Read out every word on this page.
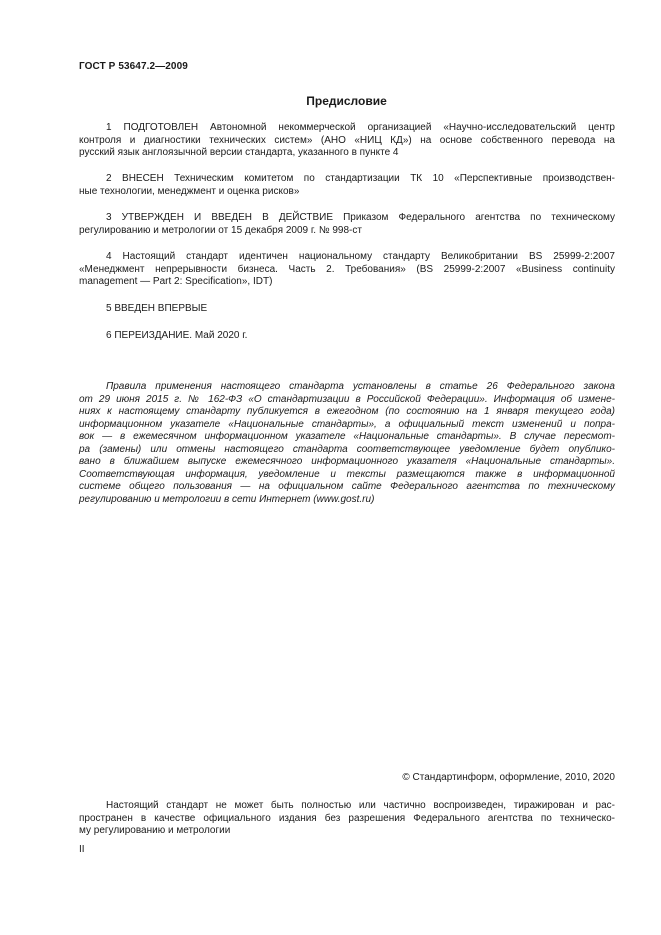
ГОСТ Р 53647.2—2009
Предисловие
1 ПОДГОТОВЛЕН Автономной некоммерческой организацией «Научно-исследовательский центр
контроля и диагностики технических систем» (АНО «НИЦ КД») на основе собственного перевода на
русский язык англоязычной версии стандарта, указанного в пункте 4
2 ВНЕСЕН Техническим комитетом по стандартизации ТК 10 «Перспективные производствен-
ные технологии, менеджмент и оценка рисков»
3 УТВЕРЖДЕН И ВВЕДЕН В ДЕЙСТВИЕ Приказом Федерального агентства по техническому
регулированию и метрологии от 15 декабря 2009 г. № 998-ст
4 Настоящий стандарт идентичен национальному стандарту Великобритании BS 25999-2:2007
«Менеджмент непрерывности бизнеса. Часть 2. Требования» (BS 25999-2:2007 «Business continuity
management — Part 2: Specification», IDT)
5 ВВЕДЕН ВПЕРВЫЕ
6 ПЕРЕИЗДАНИЕ. Май 2020 г.
Правила применения настоящего стандарта установлены в статье 26 Федерального закона
от 29 июня 2015 г. № 162-ФЗ «О стандартизации в Российской Федерации». Информация об измене-
ниях к настоящему стандарту публикуется в ежегодном (по состоянию на 1 января текущего года)
информационном указателе «Национальные стандарты», а официальный текст изменений и попра-
вок — в ежемесячном информационном указателе «Национальные стандарты». В случае пересмот-
ра (замены) или отмены настоящего стандарта соответствующее уведомление будет опублико-
вано в ближайшем выпуске ежемесячного информационного указателя «Национальные стандарты».
Соответствующая информация, уведомление и тексты размещаются также в информационной
системе общего пользования — на официальном сайте Федерального агентства по техническому
регулированию и метрологии в сети Интернет (www.gost.ru)
© Стандартинформ, оформление, 2010, 2020
Настоящий стандарт не может быть полностью или частично воспроизведен, тиражирован и рас-
пространен в качестве официального издания без разрешения Федерального агентства по техническо-
му регулированию и метрологии
II
